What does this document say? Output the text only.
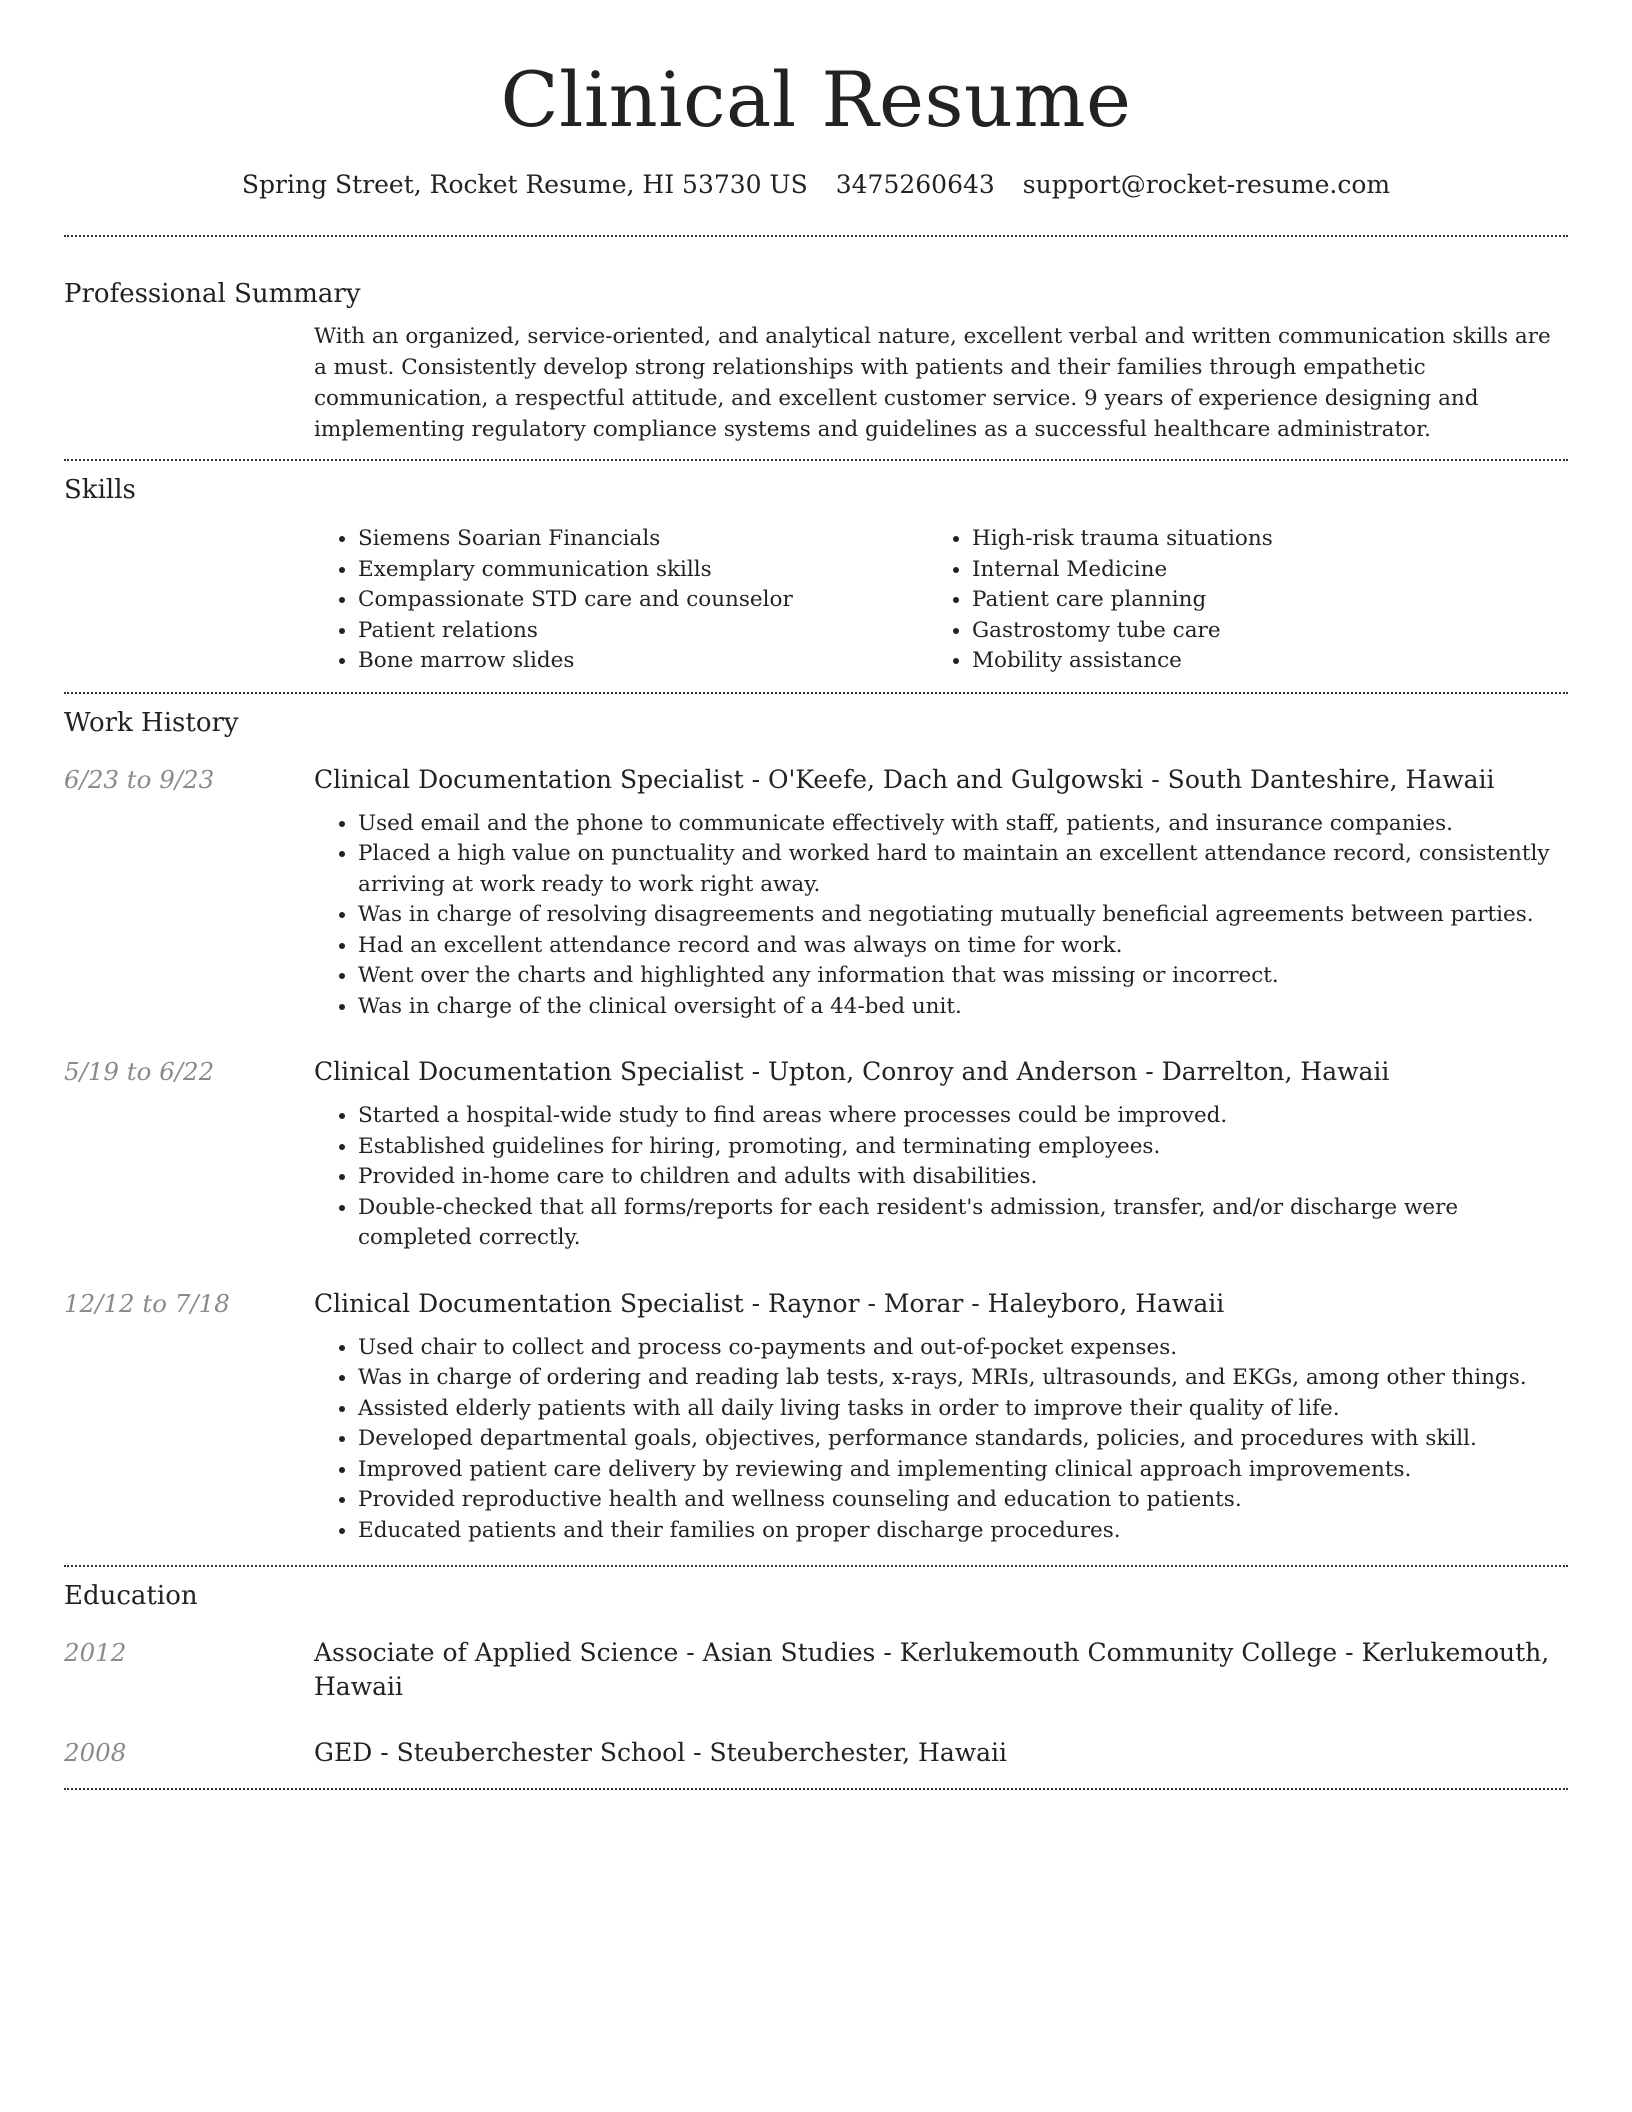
Clinical Resume
Spring Street, Rocket Resume, HI 53730 US 3475260643 support@rocket-resume.com
Professional Summary
With an organized, service-oriented, and analytical nature, excellent verbal and written communication skills are a must. Consistently develop strong relationships with patients and their families through empathetic communication, a respectful attitude, and excellent customer service. 9 years of experience designing and implementing regulatory compliance systems and guidelines as a successful healthcare administrator.
Skills
• Siemens Soarian Financials
• Exemplary communication skills
• Compassionate STD care and counselor
• Patient relations
• Bone marrow slides
• High-risk trauma situations
• Internal Medicine
• Patient care planning
• Gastrostomy tube care
• Mobility assistance
Work History
6/23 to 9/23	Clinical Documentation Specialist - O'Keefe, Dach and Gulgowski - South Danteshire, Hawaii
• Used email and the phone to communicate effectively with staff, patients, and insurance companies.
• Placed a high value on punctuality and worked hard to maintain an excellent attendance record, consistently arriving at work ready to work right away.
• Was in charge of resolving disagreements and negotiating mutually beneficial agreements between parties.
• Had an excellent attendance record and was always on time for work.
• Went over the charts and highlighted any information that was missing or incorrect.
• Was in charge of the clinical oversight of a 44-bed unit.
5/19 to 6/22	Clinical Documentation Specialist - Upton, Conroy and Anderson - Darrelton, Hawaii
• Started a hospital-wide study to find areas where processes could be improved.
• Established guidelines for hiring, promoting, and terminating employees.
• Provided in-home care to children and adults with disabilities.
• Double-checked that all forms/reports for each resident's admission, transfer, and/or discharge were completed correctly.
12/12 to 7/18	Clinical Documentation Specialist - Raynor - Morar - Haleyboro, Hawaii
• Used chair to collect and process co-payments and out-of-pocket expenses.
• Was in charge of ordering and reading lab tests, x-rays, MRIs, ultrasounds, and EKGs, among other things.
• Assisted elderly patients with all daily living tasks in order to improve their quality of life.
• Developed departmental goals, objectives, performance standards, policies, and procedures with skill.
• Improved patient care delivery by reviewing and implementing clinical approach improvements.
• Provided reproductive health and wellness counseling and education to patients.
• Educated patients and their families on proper discharge procedures.
Education
2012	Associate of Applied Science - Asian Studies - Kerlukemouth Community College - Kerlukemouth, Hawaii
2008	GED - Steuberchester School - Steuberchester, Hawaii
